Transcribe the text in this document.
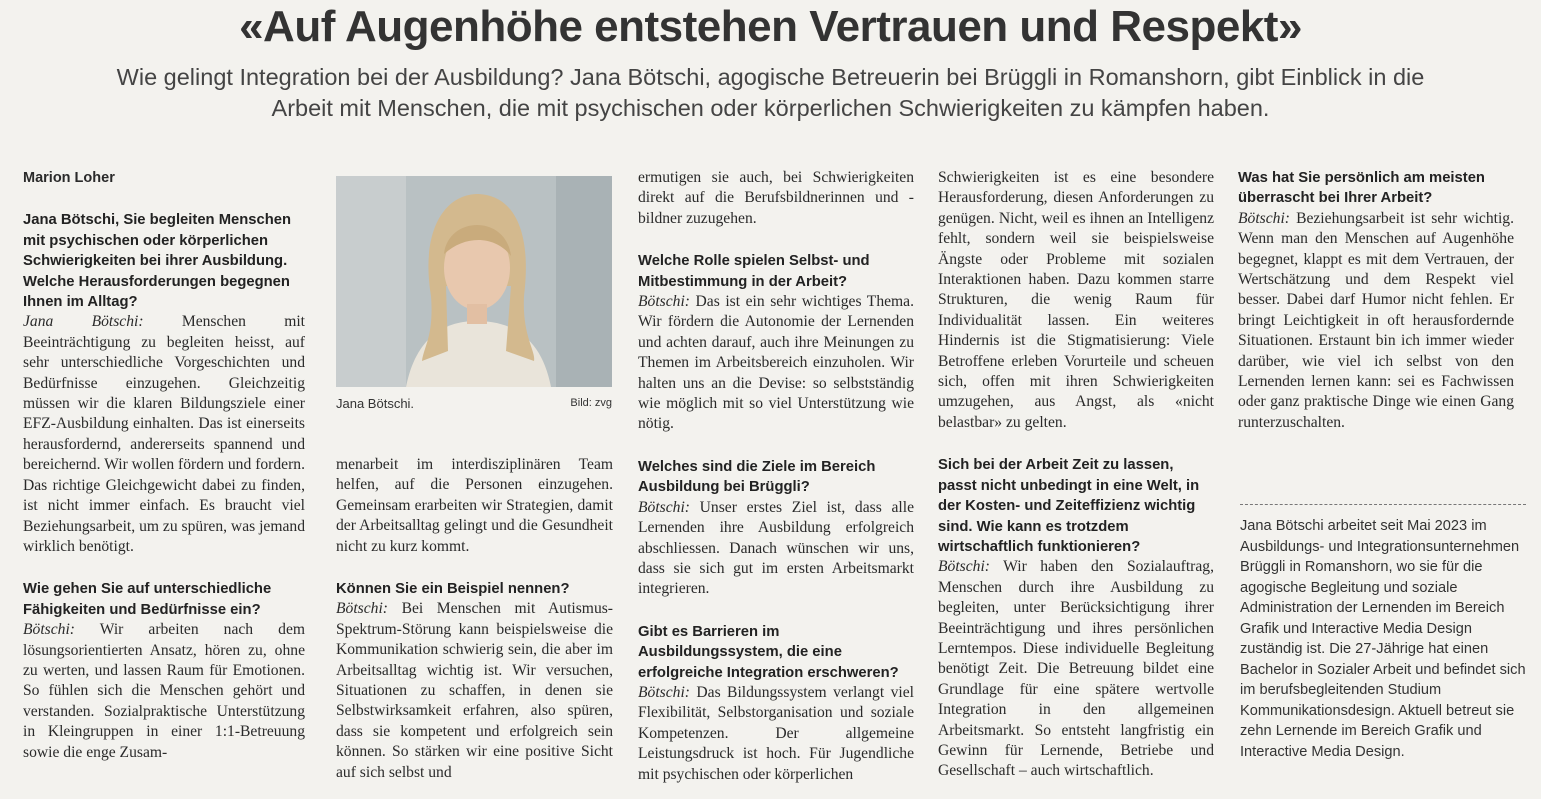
«Auf Augenhöhe entstehen Vertrauen und Respekt»

Wie gelingt Integration bei der Ausbildung? Jana Bötschi, agogische Betreuerin bei Brüggli in Romanshorn, gibt Einblick in die Arbeit mit Menschen, die mit psychischen oder körperlichen Schwierigkeiten zu kämpfen haben.

Marion Loher

Jana Bötschi, Sie begleiten Menschen mit psychischen oder körperlichen Schwierigkeiten bei ihrer Ausbildung. Welche Herausforderungen begegnen Ihnen im Alltag?

Jana Bötschi: Menschen mit Beeinträchtigung zu begleiten heisst, auf sehr unterschiedliche Vorgeschichten und Bedürfnisse einzugehen. Gleichzeitig müssen wir die klaren Bildungsziele einer EFZ-Ausbildung einhalten. Das ist einerseits herausfordernd, andererseits spannend und bereichernd. Wir wollen fördern und fordern. Das richtige Gleichgewicht dabei zu finden, ist nicht immer einfach. Es braucht viel Beziehungsarbeit, um zu spüren, was jemand wirklich benötigt.

Wie gehen Sie auf unterschiedliche Fähigkeiten und Bedürfnisse ein?

Bötschi: Wir arbeiten nach dem lösungsorientierten Ansatz, hören zu, ohne zu werten, und lassen Raum für Emotionen. So fühlen sich die Menschen gehört und verstanden. Sozialpraktische Unterstützung in Kleingruppen in einer 1:1-Betreuung sowie die enge Zusam-

Jana Bötschi.	Bild: zvg

menarbeit im interdisziplinären Team helfen, auf die Personen einzugehen. Gemeinsam erarbeiten wir Strategien, damit der Arbeitsalltag gelingt und die Gesundheit nicht zu kurz kommt.

Können Sie ein Beispiel nennen?

Bötschi: Bei Menschen mit Autismus-Spektrum-Störung kann beispielsweise die Kommunikation schwierig sein, die aber im Arbeitsalltag wichtig ist. Wir versuchen, Situationen zu schaffen, in denen sie Selbstwirksamkeit erfahren, also spüren, dass sie kompetent und erfolgreich sein können. So stärken wir eine positive Sicht auf sich selbst und

ermutigen sie auch, bei Schwierigkeiten direkt auf die Berufsbildnerinnen und -bildner zuzugehen.

Welche Rolle spielen Selbst- und Mitbestimmung in der Arbeit?

Bötschi: Das ist ein sehr wichtiges Thema. Wir fördern die Autonomie der Lernenden und achten darauf, auch ihre Meinungen zu Themen im Arbeitsbereich einzuholen. Wir halten uns an die Devise: so selbstständig wie möglich mit so viel Unterstützung wie nötig.

Welches sind die Ziele im Bereich Ausbildung bei Brüggli?

Bötschi: Unser erstes Ziel ist, dass alle Lernenden ihre Ausbildung erfolgreich abschliessen. Danach wünschen wir uns, dass sie sich gut im ersten Arbeitsmarkt integrieren.

Gibt es Barrieren im Ausbildungssystem, die eine erfolgreiche Integration erschweren?

Bötschi: Das Bildungssystem verlangt viel Flexibilität, Selbstorganisation und soziale Kompetenzen. Der allgemeine Leistungsdruck ist hoch. Für Jugendliche mit psychischen oder körperlichen

Schwierigkeiten ist es eine besondere Herausforderung, diesen Anforderungen zu genügen. Nicht, weil es ihnen an Intelligenz fehlt, sondern weil sie beispielsweise Ängste oder Probleme mit sozialen Interaktionen haben. Dazu kommen starre Strukturen, die wenig Raum für Individualität lassen. Ein weiteres Hindernis ist die Stigmatisierung: Viele Betroffene erleben Vorurteile und scheuen sich, offen mit ihren Schwierigkeiten umzugehen, aus Angst, als «nicht belastbar» zu gelten.

Sich bei der Arbeit Zeit zu lassen, passt nicht unbedingt in eine Welt, in der Kosten- und Zeiteffizienz wichtig sind. Wie kann es trotzdem wirtschaftlich funktionieren?

Bötschi: Wir haben den Sozialauftrag, Menschen durch ihre Ausbildung zu begleiten, unter Berücksichtigung ihrer Beeinträchtigung und ihres persönlichen Lerntempos. Diese individuelle Begleitung benötigt Zeit. Die Betreuung bildet eine Grundlage für eine spätere wertvolle Integration in den allgemeinen Arbeitsmarkt. So entsteht langfristig ein Gewinn für Lernende, Betriebe und Gesellschaft – auch wirtschaftlich.

Was hat Sie persönlich am meisten überrascht bei Ihrer Arbeit?

Bötschi: Beziehungsarbeit ist sehr wichtig. Wenn man den Menschen auf Augenhöhe begegnet, klappt es mit dem Vertrauen, der Wertschätzung und dem Respekt viel besser. Dabei darf Humor nicht fehlen. Er bringt Leichtigkeit in oft herausfordernde Situationen. Erstaunt bin ich immer wieder darüber, wie viel ich selbst von den Lernenden lernen kann: sei es Fachwissen oder ganz praktische Dinge wie einen Gang runterzuschalten.

Jana Bötschi arbeitet seit Mai 2023 im Ausbildungs- und Integrationsunternehmen Brüggli in Romanshorn, wo sie für die agogische Begleitung und soziale Administration der Lernenden im Bereich Grafik und Interactive Media Design zuständig ist. Die 27-Jährige hat einen Bachelor in Sozialer Arbeit und befindet sich im berufsbegleitenden Studium Kommunikationsdesign. Aktuell betreut sie zehn Lernende im Bereich Grafik und Interactive Media Design.
